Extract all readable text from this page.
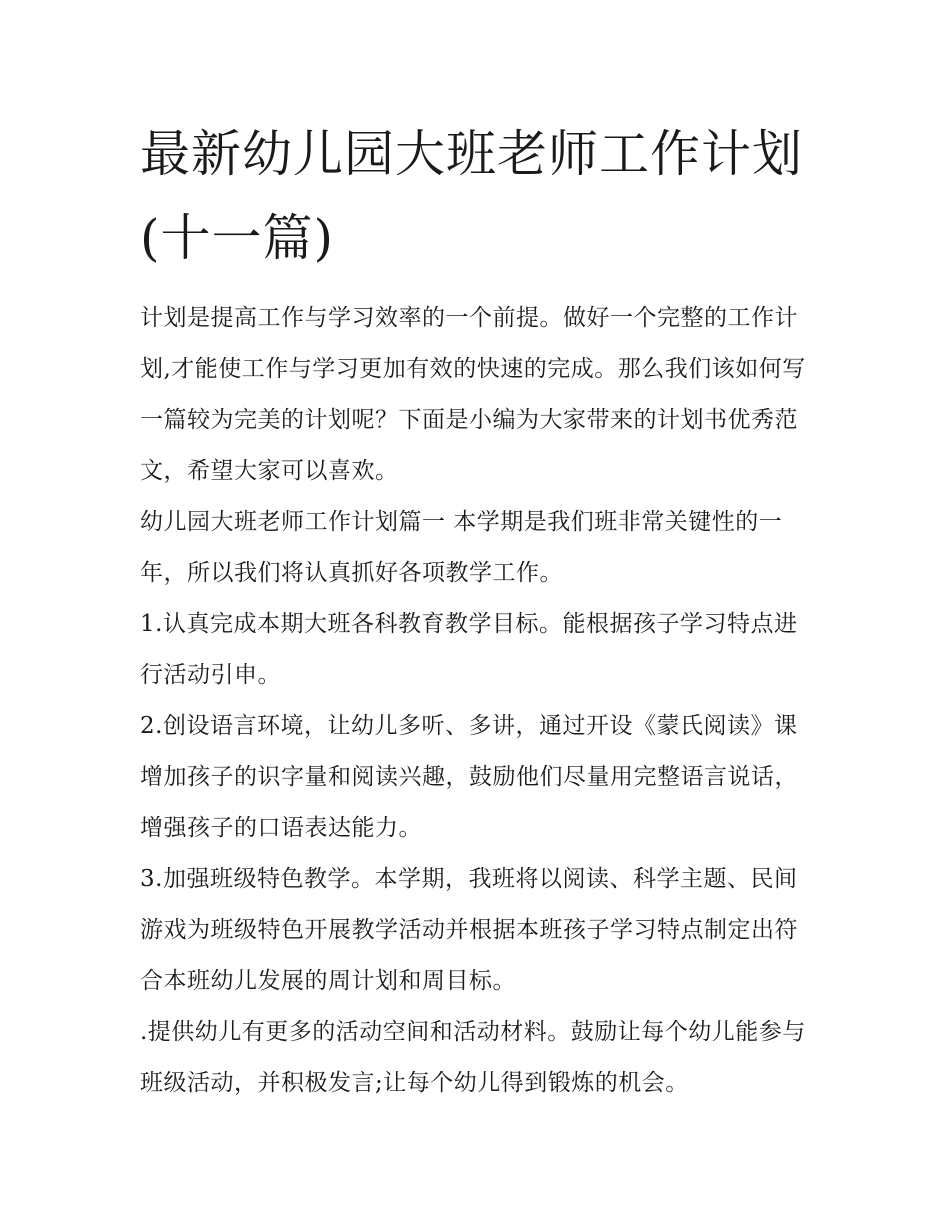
最新幼儿园大班老师工作计划(十一篇)

计划是提高工作与学习效率的一个前提。做好一个完整的工作计划,才能使工作与学习更加有效的快速的完成。那么我们该如何写一篇较为完美的计划呢？下面是小编为大家带来的计划书优秀范文，希望大家可以喜欢。

幼儿园大班老师工作计划篇一 本学期是我们班非常关键性的一年，所以我们将认真抓好各项教学工作。

1.认真完成本期大班各科教育教学目标。能根据孩子学习特点进行活动引申。

2.创设语言环境，让幼儿多听、多讲，通过开设《蒙氏阅读》课增加孩子的识字量和阅读兴趣，鼓励他们尽量用完整语言说话，增强孩子的口语表达能力。

3.加强班级特色教学。本学期，我班将以阅读、科学主题、民间游戏为班级特色开展教学活动并根据本班孩子学习特点制定出符合本班幼儿发展的周计划和周目标。

.提供幼儿有更多的活动空间和活动材料。鼓励让每个幼儿能参与班级活动，并积极发言;让每个幼儿得到锻炼的机会。
